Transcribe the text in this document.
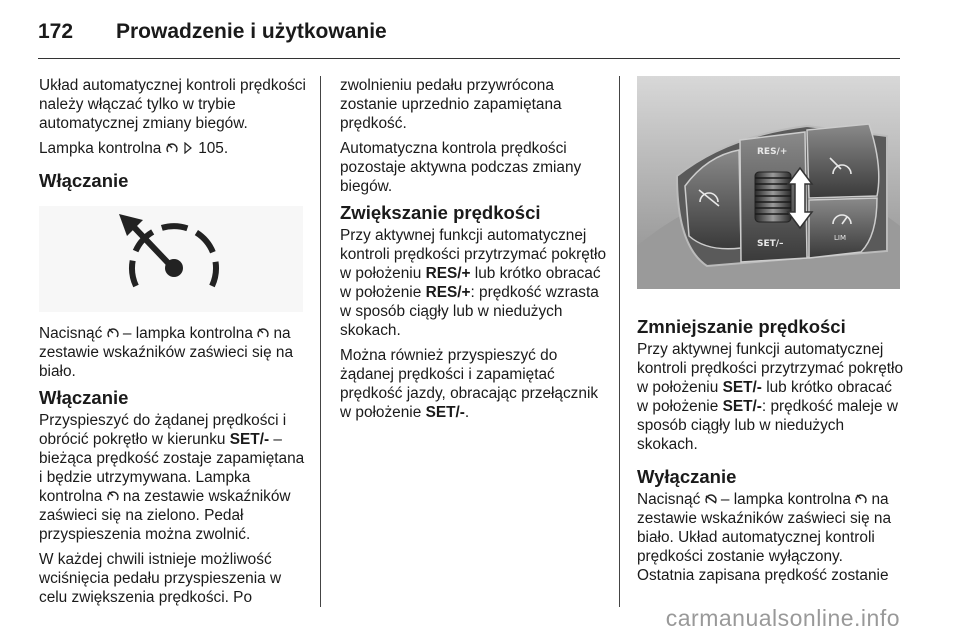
172 Prowadzenie i użytkowanie

Układ automatycznej kontroli prędkości należy włączać tylko w trybie automatycznej zmiany biegów.

Lampka kontrolna 105.

Włączanie

Nacisnąć – lampka kontrolna na zestawie wskaźników zaświeci się na biało.

Włączanie

Przyspieszyć do żądanej prędkości i obrócić pokrętło w kierunku SET/- – bieżąca prędkość zostaje zapamiętana i będzie utrzymywana. Lampka kontrolna na zestawie wskaźników zaświeci się na zielono. Pedał przyspieszenia można zwolnić.

W każdej chwili istnieje możliwość wciśnięcia pedału przyspieszenia w celu zwiększenia prędkości. Po

zwolnieniu pedału przywrócona zostanie uprzednio zapamiętana prędkość.

Automatyczna kontrola prędkości pozostaje aktywna podczas zmiany biegów.

Zwiększanie prędkości

Przy aktywnej funkcji automatycznej kontroli prędkości przytrzymać pokrętło w położeniu RES/+ lub krótko obracać w położenie RES/+: prędkość wzrasta w sposób ciągły lub w niedużych skokach.

Można również przyspieszyć do żądanej prędkości i zapamiętać prędkość jazdy, obracając przełącznik w położenie SET/-.

RES/+
SET/–
LIM
Zmniejszanie prędkości

Przy aktywnej funkcji automatycznej kontroli prędkości przytrzymać pokrętło w położeniu SET/- lub krótko obracać w położenie SET/-: prędkość maleje w sposób ciągły lub w niedużych skokach.

Wyłączanie

Nacisnąć – lampka kontrolna na zestawie wskaźników zaświeci się na biało. Układ automatycznej kontroli prędkości zostanie wyłączony. Ostatnia zapisana prędkość zostanie

carmanualsonline.info
